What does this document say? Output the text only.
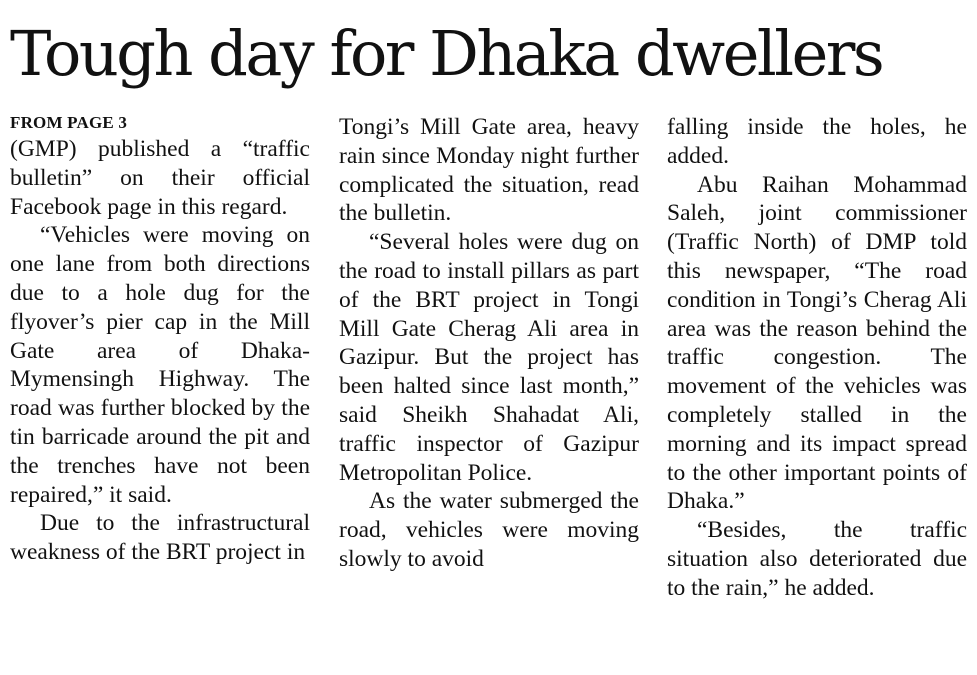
Tough day for Dhaka dwellers
FROM PAGE 3

(GMP) published a “traffic bulletin” on their official Facebook page in this regard.

“Vehicles were moving on one lane from both directions due to a hole dug for the flyover’s pier cap in the Mill Gate area of Dhaka-Mymensingh Highway. The road was further blocked by the tin barricade around the pit and the trenches have not been repaired,” it said.

Due to the infrastructural weakness of the BRT project in

Tongi’s Mill Gate area, heavy rain since Monday night further complicated the situation, read the bulletin.

“Several holes were dug on the road to install pillars as part of the BRT project in Tongi Mill Gate Cherag Ali area in Gazipur. But the project has been halted since last month,” said Sheikh Shahadat Ali, traffic inspector of Gazipur Metropolitan Police.

As the water submerged the road, vehicles were moving slowly to avoid

falling inside the holes, he added.

Abu Raihan Mohammad Saleh, joint commissioner (Traffic North) of DMP told this newspaper, “The road condition in Tongi’s Cherag Ali area was the reason behind the traffic congestion. The movement of the vehicles was completely stalled in the morning and its impact spread to the other important points of Dhaka.”

“Besides, the traffic situation also deteriorated due to the rain,” he added.
